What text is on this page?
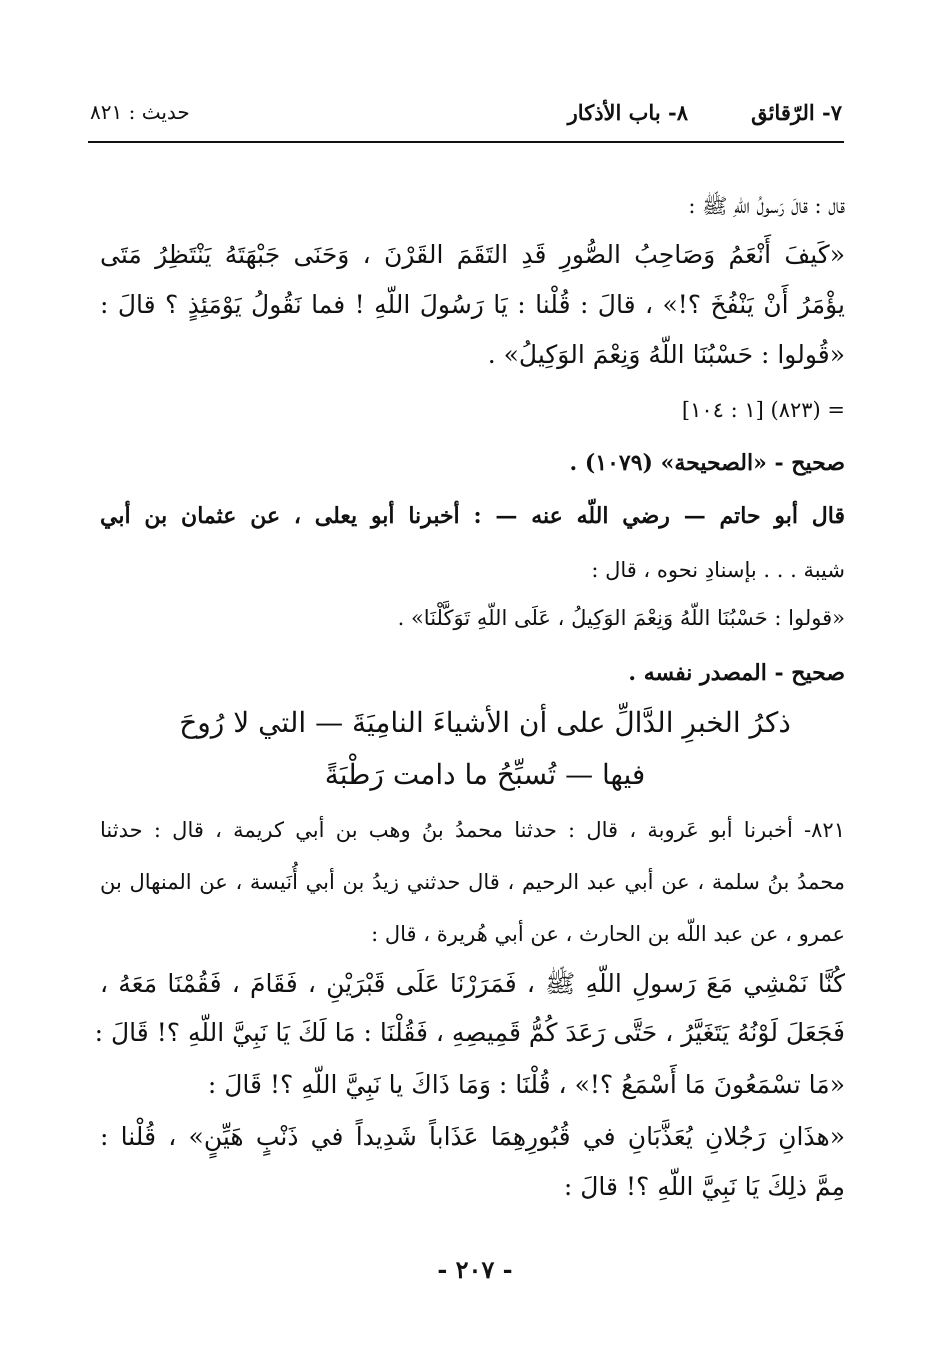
٧- الرّقائق
٨- باب الأذكار
حديث : ٨٢١
قال : قالَ رَسولُ اللّهِ ﷺ :
«كَيفَ أَنْعَمُ وَصَاحِبُ الصُّورِ قَدِ التَقَمَ القَرْنَ ، وَحَنَى جَبْهَتَهُ يَنْتَظِرُ مَتَى
يؤْمَرُ أَنْ يَنْفُخَ ؟!» ، قالَ : قُلْنا : يَا رَسُولَ اللّهِ ! فما نَقُولُ يَوْمَئِذٍ ؟ قالَ :
«قُولوا : حَسْبُنَا اللّهُ وَنِعْمَ الوَكِيلُ» .
= (٨٢٣) [١ : ١٠٤]
صحيح - «الصحيحة» (١٠٧٩) .
قال أبو حاتم — رضي اللّه عنه — : أخبرنا أبو يعلى ، عن عثمان بن أبي
شيبة . . . بإسنادِ نحوه ، قال :
«قولوا : حَسْبُنَا اللّهُ وَنِعْمَ الوَكِيلُ ، عَلَى اللّهِ تَوَكَّلْنَا» .
صحيح - المصدر نفسه .
ذكرُ الخبرِ الدَّالِّ على أن الأشياءَ النامِيَةَ — التي لا رُوحَ
فيها — تُسبِّحُ ما دامت رَطْبَةً
٨٢١- أخبرنا أبو عَروبة ، قال : حدثنا محمدُ بنُ وهب بن أبي كريمة ، قال : حدثنا
محمدُ بنُ سلمة ، عن أبي عبد الرحيم ، قال حدثني زيدُ بن أبي أُنَيسة ، عن المنهال بن
عمرو ، عن عبد اللّه بن الحارث ، عن أبي هُريرة ، قال :
كُنَّا نَمْشِي مَعَ رَسولِ اللّهِ ﷺ ، فَمَرَرْنَا عَلَى قَبْرَيْنِ ، فَقَامَ ، فَقُمْنَا مَعَهُ ،
فَجَعَلَ لَوْنُهُ يَتَغَيَّرُ ، حَتَّى رَعَدَ كُمُّ قَمِيصِهِ ، فَقُلْنَا : مَا لَكَ يَا نَبِيَّ اللّهِ ؟! قَالَ :
«مَا تسْمَعُونَ مَا أَسْمَعُ ؟!» ، قُلْنَا : وَمَا ذَاكَ يا نَبِيَّ اللّهِ ؟! قَالَ :
«هذَانِ رَجُلانِ يُعَذَّبَانِ في قُبُورِهِمَا عَذَاباً شَدِيداً في ذَنْبٍ هَيِّنٍ» ، قُلْنا :
مِمَّ ذلِكَ يَا نَبِيَّ اللّهِ ؟! قالَ :
- ٢٠٧ -
